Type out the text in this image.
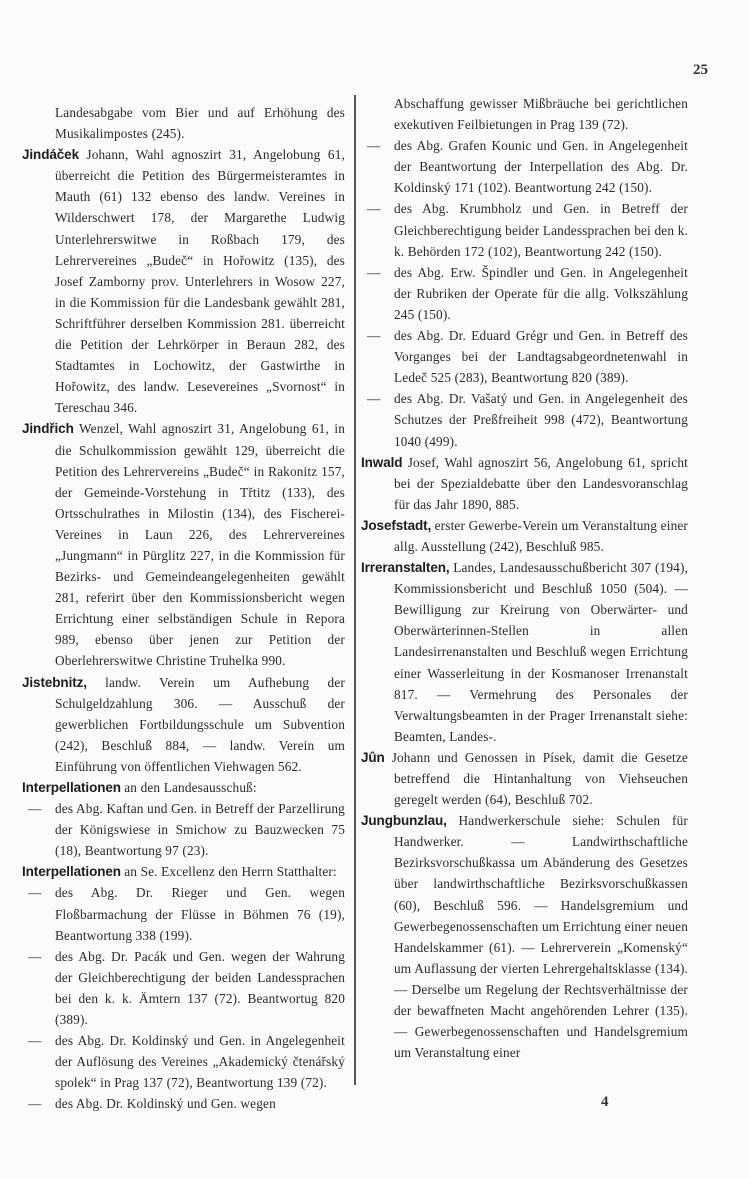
25

Landesabgabe vom Bier und auf Erhöhung des Musikalimpostes (245).

Jindáček Johann, Wahl agnoszirt 31, Angelobung 61, überreicht die Petition des Bürgermeisteramtes in Mauth (61) 132 ebenso des landw. Vereines in Wilderschwert 178, der Margarethe Ludwig Unterlehrerswitwe in Roßbach 179, des Lehrervereines „Budeč“ in Hořowitz (135), des Josef Zamborny prov. Unterlehrers in Wosow 227, in die Kommission für die Landesbank gewählt 281, Schriftführer derselben Kommission 281. überreicht die Petition der Lehrkörper in Beraun 282, des Stadtamtes in Lochowitz, der Gastwirthe in Hořowitz, des landw. Lesevereines „Svornost“ in Tereschau 346.

Jindřich Wenzel, Wahl agnoszirt 31, Angelobung 61, in die Schulkommission gewählt 129, überreicht die Petition des Lehrervereins „Budeč“ in Rakonitz 157, der Gemeinde-Vorstehung in Třtitz (133), des Ortsschulrathes in Milostin (134), des Fischerei-Vereines in Laun 226, des Lehrervereines „Jungmann“ in Pürglitz 227, in die Kommission für Bezirks- und Gemeindeangelegenheiten gewählt 281, referirt über den Kommissionsbericht wegen Errichtung einer selbständigen Schule in Repora 989, ebenso über jenen zur Petition der Oberlehrerswitwe Christine Truhelka 990.

Jistebnitz, landw. Verein um Aufhebung der Schulgeldzahlung 306. — Ausschuß der gewerblichen Fortbildungsschule um Subvention (242), Beschluß 884, — landw. Verein um Einführung von öffentlichen Viehwagen 562.

Interpellationen an den Landesausschuß:

— des Abg. Kaftan und Gen. in Betreff der Parzellirung der Königswiese in Smichow zu Bauzwecken 75 (18), Beantwortung 97 (23).

Interpellationen an Se. Excellenz den Herrn Statthalter:

— des Abg. Dr. Rieger und Gen. wegen Floßbarmachung der Flüsse in Böhmen 76 (19), Beantwortung 338 (199).

— des Abg. Dr. Pacák und Gen. wegen der Wahrung der Gleichberechtigung der beiden Landessprachen bei den k. k. Ämtern 137 (72). Beantwortug 820 (389).

— des Abg. Dr. Koldinský und Gen. in Angelegenheit der Auflösung des Vereines „Akademický čtenářský spolek“ in Prag 137 (72), Beantwortung 139 (72).

— des Abg. Dr. Koldinský und Gen. wegen

Abschaffung gewisser Mißbräuche bei gerichtlichen exekutiven Feilbietungen in Prag 139 (72).

— des Abg. Grafen Kounic und Gen. in Angelegenheit der Beantwortung der Interpellation des Abg. Dr. Koldinský 171 (102). Beantwortung 242 (150).

— des Abg. Krumbholz und Gen. in Betreff der Gleichberechtigung beider Landessprachen bei den k. k. Behörden 172 (102), Beantwortung 242 (150).

— des Abg. Erw. Špindler und Gen. in Angelegenheit der Rubriken der Operate für die allg. Volkszählung 245 (150).

— des Abg. Dr. Eduard Grégr und Gen. in Betreff des Vorganges bei der Landtagsabgeordnetenwahl in Ledeč 525 (283), Beantwortung 820 (389).

— des Abg. Dr. Vašatý und Gen. in Angelegenheit des Schutzes der Preßfreiheit 998 (472), Beantwortung 1040 (499).

Inwald Josef, Wahl agnoszirt 56, Angelobung 61, spricht bei der Spezialdebatte über den Landesvoranschlag für das Jahr 1890, 885.

Josefstadt, erster Gewerbe-Verein um Veranstaltung einer allg. Ausstellung (242), Beschluß 985.

Irreranstalten, Landes, Landesausschußbericht 307 (194), Kommissionsbericht und Beschluß 1050 (504). — Bewilligung zur Kreirung von Oberwärter- und Oberwärterinnen-Stellen in allen Landesirrenanstalten und Beschluß wegen Errichtung einer Wasserleitung in der Kosmanoser Irrenanstalt 817. — Vermehrung des Personales der Verwaltungsbeamten in der Prager Irrenanstalt siehe: Beamten, Landes-.

Jûn Johann und Genossen in Písek, damit die Gesetze betreffend die Hintanhaltung von Viehseuchen geregelt werden (64), Beschluß 702.

Jungbunzlau, Handwerkerschule siehe: Schulen für Handwerker. — Landwirthschaftliche Bezirksvorschußkassa um Abänderung des Gesetzes über landwirthschaftliche Bezirksvorschußkassen (60), Beschluß 596. — Handelsgremium und Gewerbegenossenschaften um Errichtung einer neuen Handelskammer (61). — Lehrerverein „Komenský“ um Auflassung der vierten Lehrergehaltsklasse (134). — Derselbe um Regelung der Rechtsverhältnisse der der bewaffneten Macht angehörenden Lehrer (135). — Gewerbegenossenschaften und Handelsgremium um Veranstaltung einer

4
